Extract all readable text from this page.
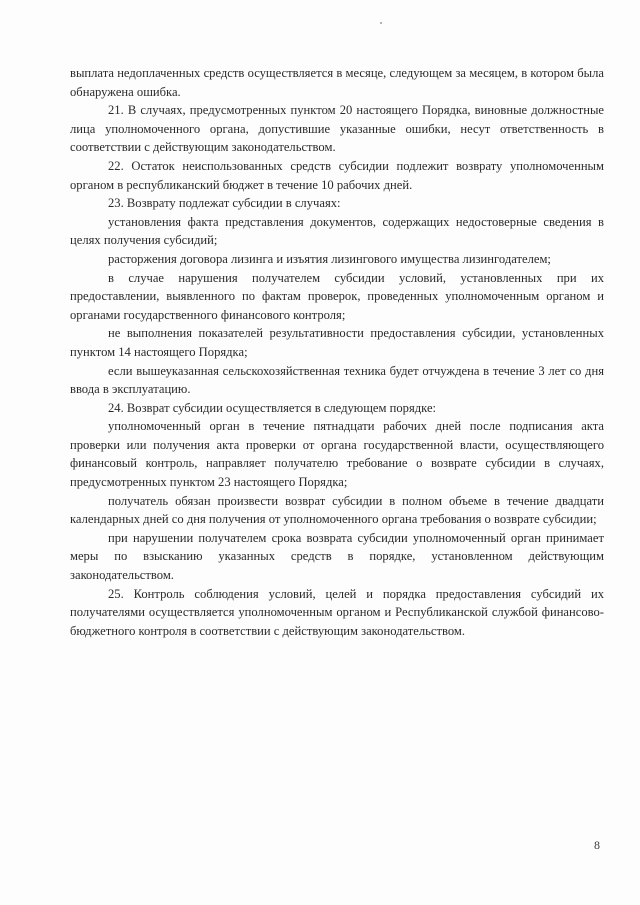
выплата недоплаченных средств осуществляется в месяце, следующем за месяцем, в котором была обнаружена ошибка.

21. В случаях, предусмотренных пунктом 20 настоящего Порядка, виновные должностные лица уполномоченного органа, допустившие указанные ошибки, несут ответственность в соответствии с действующим законодательством.

22. Остаток неиспользованных средств субсидии подлежит возврату уполномоченным органом в республиканский бюджет в течение 10 рабочих дней.

23. Возврату подлежат субсидии в случаях:

установления факта представления документов, содержащих недостоверные сведения в целях получения субсидий;

расторжения договора лизинга и изъятия лизингового имущества лизингодателем;

в случае нарушения получателем субсидии условий, установленных при их предоставлении, выявленного по фактам проверок, проведенных уполномоченным органом и органами государственного финансового контроля;

не выполнения показателей результативности предоставления субсидии, установленных пунктом 14 настоящего Порядка;

если вышеуказанная сельскохозяйственная техника будет отчуждена в течение 3 лет со дня ввода в эксплуатацию.

24. Возврат субсидии осуществляется в следующем порядке:

уполномоченный орган в течение пятнадцати рабочих дней после подписания акта проверки или получения акта проверки от органа государственной власти, осуществляющего финансовый контроль, направляет получателю требование о возврате субсидии в случаях, предусмотренных пунктом 23 настоящего Порядка;

получатель обязан произвести возврат субсидии в полном объеме в течение двадцати календарных дней со дня получения от уполномоченного органа требования о возврате субсидии;

при нарушении получателем срока возврата субсидии уполномоченный орган принимает меры по взысканию указанных средств в порядке, установленном действующим законодательством.

25. Контроль соблюдения условий, целей и порядка предоставления субсидий их получателями осуществляется уполномоченным органом и Республиканской службой финансово-бюджетного контроля в соответствии с действующим законодательством.

8
